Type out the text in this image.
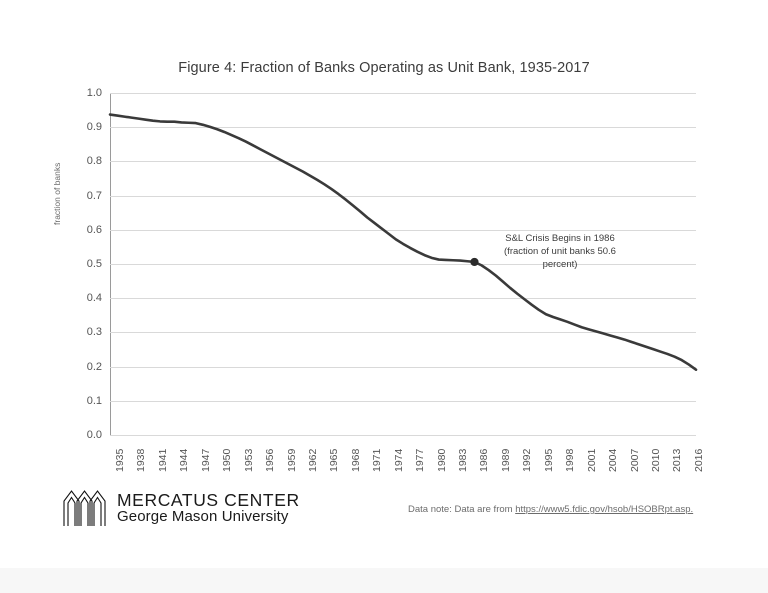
Figure 4: Fraction of Banks Operating as Unit Bank, 1935-2017
fraction of banks
0.0
0.1
0.2
0.3
0.4
0.5
0.6
0.7
0.8
0.9
1.0
1935 1938 1941 1944 1947 1950 1953 1956 1959 1962 1965 1968 1971 1974 1977 1980 1983 1986 1989 1992 1995 1998 2001 2004 2007 2010 2013 2016
S&L Crisis Begins in 1986
(fraction of unit banks 50.6
percent)
MERCATUS CENTER
George Mason University	Data note: Data are from https://www5.fdic.gov/hsob/HSOBRpt.asp.
